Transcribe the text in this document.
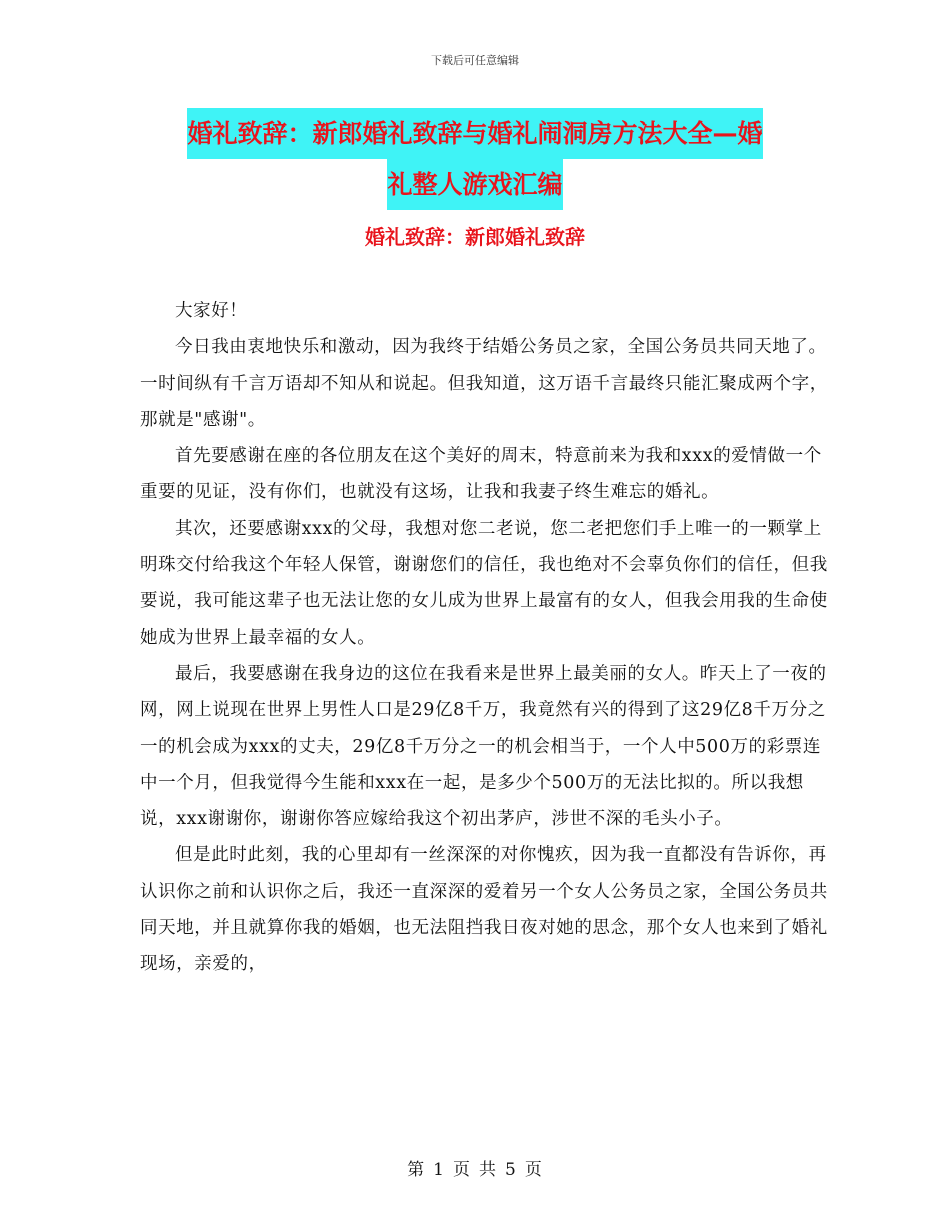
下载后可任意编辑
婚礼致辞：新郎婚礼致辞与婚礼闹洞房方法大全—婚
礼整人游戏汇编
婚礼致辞：新郎婚礼致辞

大家好！

今日我由衷地快乐和激动，因为我终于结婚公务员之家，全国公务员共同天地了。一时间纵有千言万语却不知从和说起。但我知道，这万语千言最终只能汇聚成两个字，那就是"感谢"。

首先要感谢在座的各位朋友在这个美好的周末，特意前来为我和xxx的爱情做一个重要的见证，没有你们，也就没有这场，让我和我妻子终生难忘的婚礼。

其次，还要感谢xxx的父母，我想对您二老说，您二老把您们手上唯一的一颗掌上明珠交付给我这个年轻人保管，谢谢您们的信任，我也绝对不会辜负你们的信任，但我要说，我可能这辈子也无法让您的女儿成为世界上最富有的女人，但我会用我的生命使她成为世界上最幸福的女人。

最后，我要感谢在我身边的这位在我看来是世界上最美丽的女人。昨天上了一夜的网，网上说现在世界上男性人口是29亿8千万，我竟然有兴的得到了这29亿8千万分之一的机会成为xxx的丈夫，29亿8千万分之一的机会相当于，一个人中500万的彩票连中一个月，但我觉得今生能和xxx在一起，是多少个500万的无法比拟的。所以我想说，xxx谢谢你，谢谢你答应嫁给我这个初出茅庐，涉世不深的毛头小子。

但是此时此刻，我的心里却有一丝深深的对你愧疚，因为我一直都没有告诉你，再认识你之前和认识你之后，我还一直深深的爱着另一个女人公务员之家，全国公务员共同天地，并且就算你我的婚姻，也无法阻挡我日夜对她的思念，那个女人也来到了婚礼现场，亲爱的，

第 1 页 共 5 页
